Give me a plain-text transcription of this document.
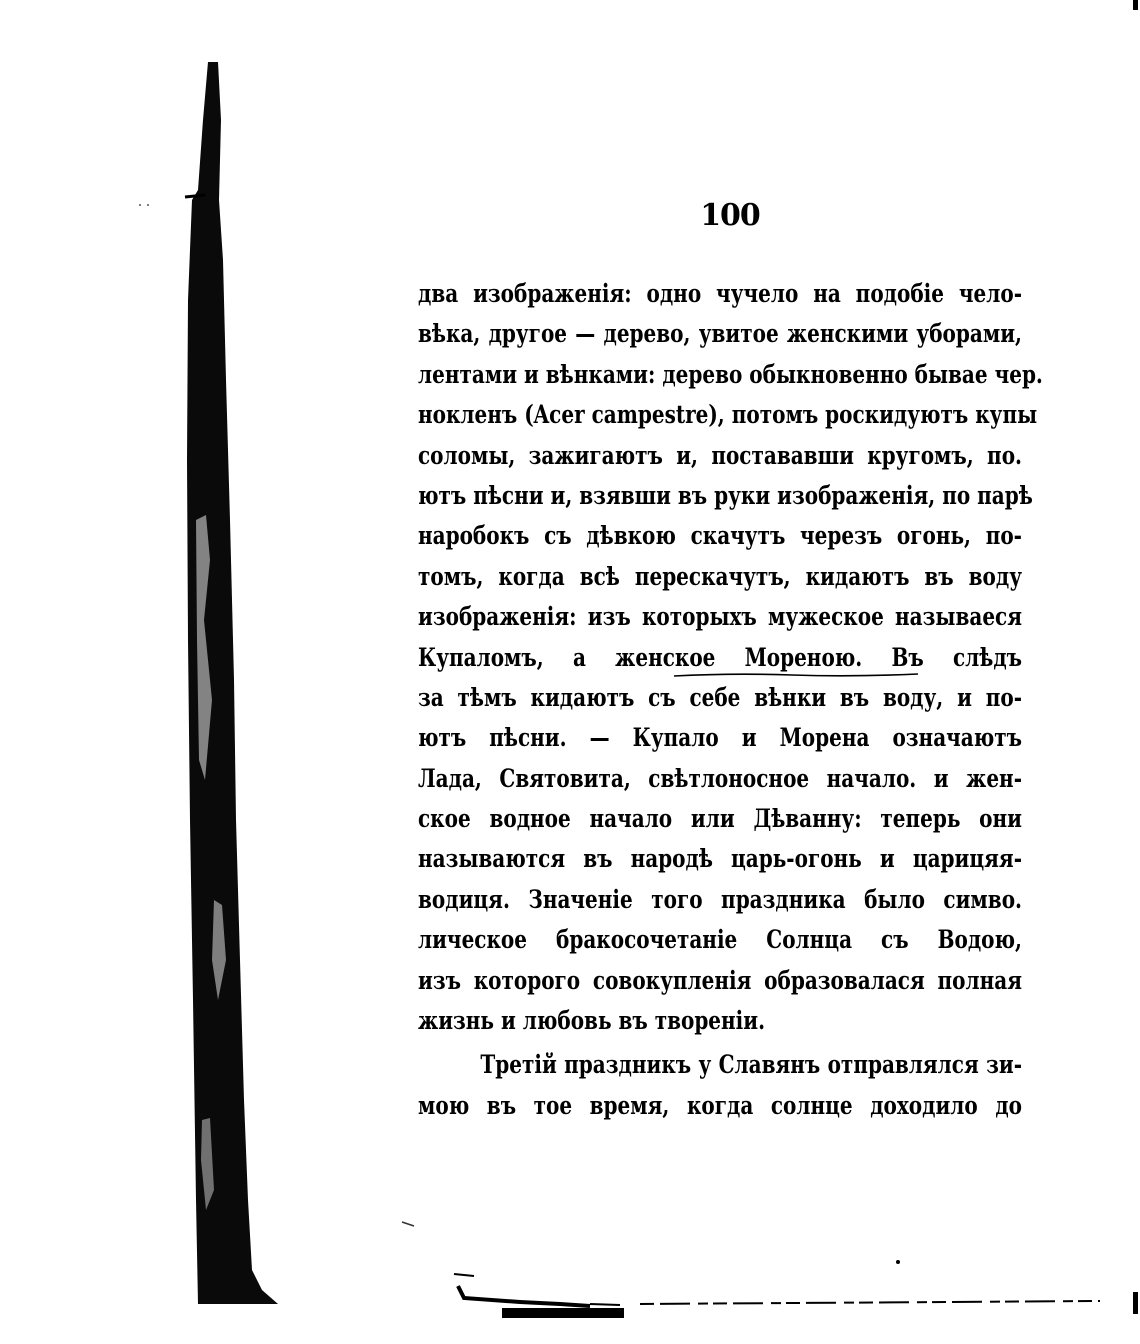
100
два изображенія: одно чучело на подобіе чело-
вѣка, другое — дерево, увитое женскими уборами,
лентами и вѣнками: дерево обыкновенно бывае чер.
ноклeнъ (Acer campestre), потомъ роскидуютъ купы
соломы, зажигаютъ и, постававши кругомъ, по.
ютъ пѣсни и, взявши въ руки изображенія, по парѣ
наробокъ съ дѣвкою скачутъ черезъ огонь, по-
томъ, когда всѣ перескачутъ, кидаютъ въ воду
изображенія: изъ которыхъ мужеское называеся
Купаломъ, а женское Мореною. Въ слѣдъ
за тѣмъ кидаютъ съ себе вѣнки въ воду, и по-
ютъ пѣсни. — Купало и Морена означаютъ
Лада, Святовита, свѣтлоносное начало. и жен-
ское водное начало или Дѣванну: теперь они
называются въ народѣ царь-огонь и царицяя-
водиця. Значеніе того праздника было симво.
лическое бракосочетаніе Солнца съ Водою,
изъ которого совокупленія образовалася полная
жизнь и любовь въ твореніи.
Третій праздникъ у Славянъ отправлялся зи-
мою въ тое время, когда солнце доходило до
